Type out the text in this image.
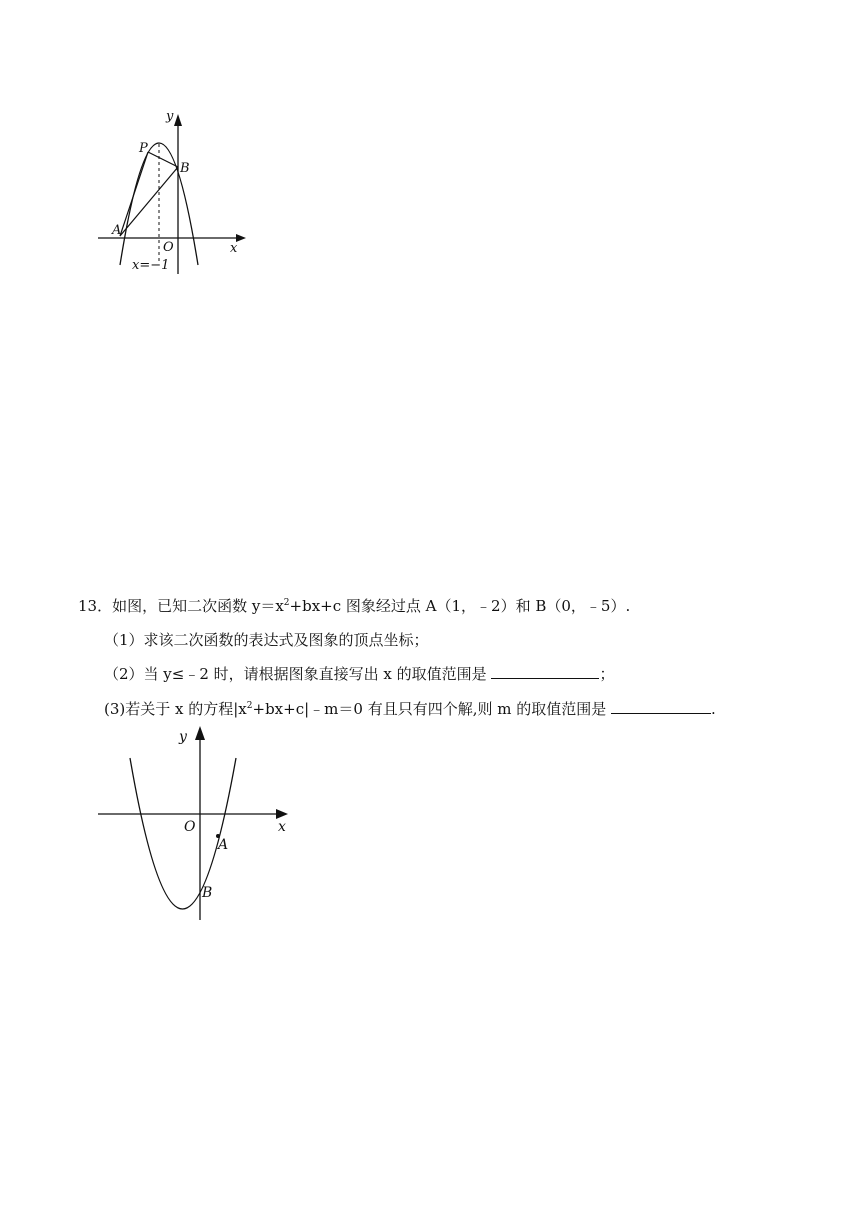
y
x
O
P
B
A
x=−1
13．如图，已知二次函数 $y=x^2+bx+c$ 图象经过点 A（1，﹣2）和 B（0，﹣5）.
（1）求该二次函数的表达式及图象的顶点坐标；
（2）当 y≤﹣2 时，请根据图象直接写出 x 的取值范围是	；
(3)若关于 x 的方程$|x^2+bx+c|﹣m=0$ 有且只有四个解,则 m 的取值范围是	.
y
x
O
A
B
